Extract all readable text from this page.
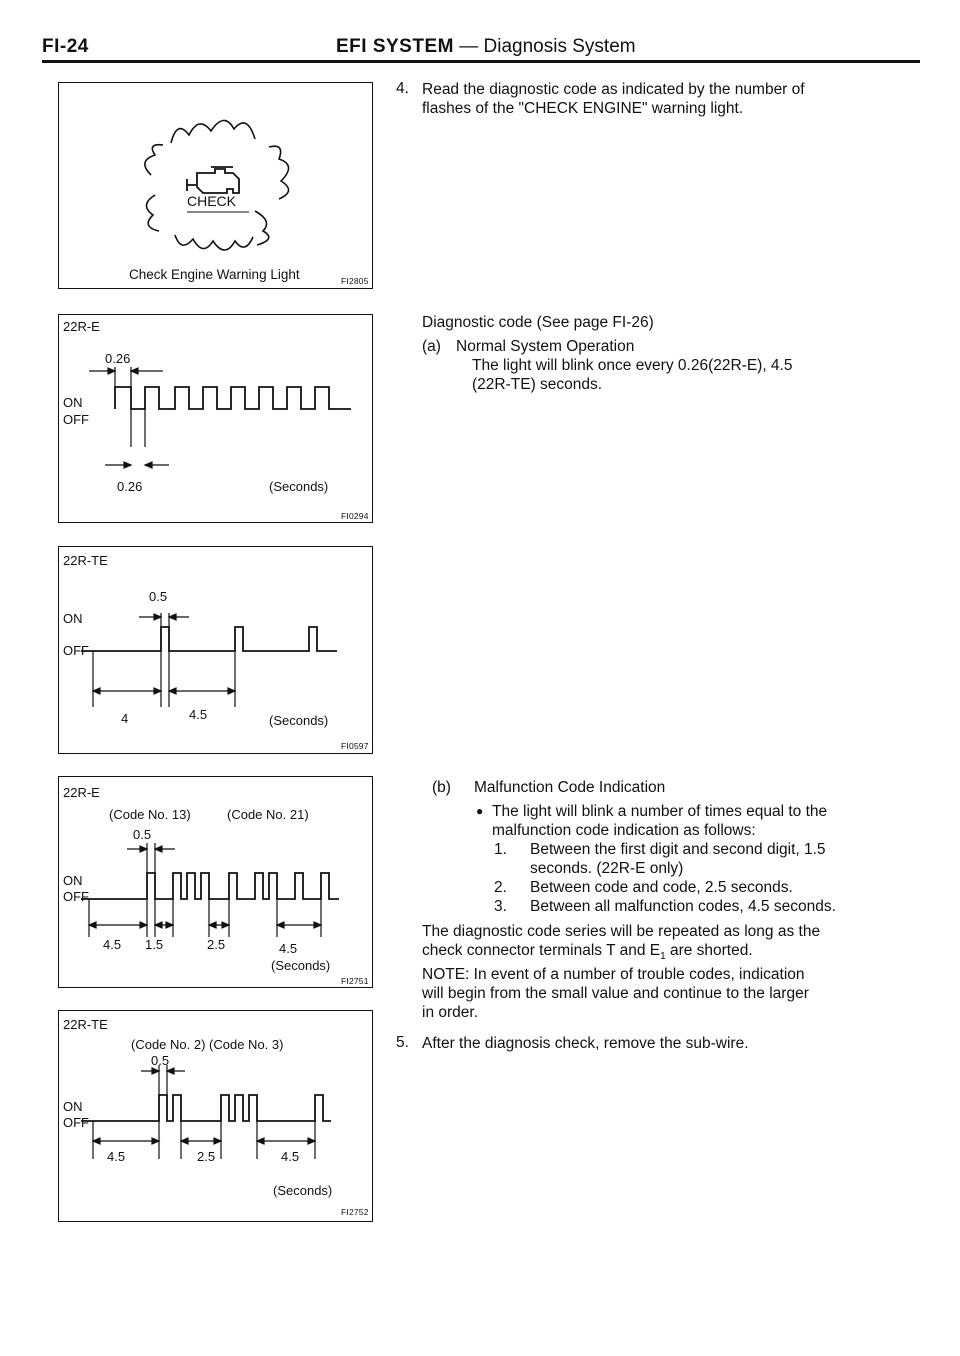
FI-24	EFI SYSTEM — Diagnosis System
CHECK
Check Engine Warning Light	FI2805
22R-E
0.26
ON
OFF
0.26	(Seconds)
FI0294
22R-TE
0.5
ON
OFF
4	4.5	(Seconds)
FI0597
22R-E
(Code No. 13)	(Code No. 21)
0.5
ON
OFF
4.5 1.5	2.5	4.5
(Seconds)
FI2751
22R-TE
(Code No. 2) (Code No. 3)
0.5
ON
OFF
4.5	2.5	4.5
(Seconds)
FI2752
4. Read the diagnostic code as indicated by the number of
flashes of the "CHECK ENGINE" warning light.
Diagnostic code (See page FI-26)
(a) Normal System Operation
The light will blink once every 0.26(22R-E), 4.5
(22R-TE) seconds.
(b) Malfunction Code Indication
● The light will blink a number of times equal to the
malfunction code indication as follows:
1. Between the first digit and second digit, 1.5
seconds. (22R-E only)
2. Between code and code, 2.5 seconds.
3. Between all malfunction codes, 4.5 seconds.
The diagnostic code series will be repeated as long as the
check connector terminals T and $E_1$ are shorted.
NOTE: In event of a number of trouble codes, indication
will begin from the small value and continue to the larger
in order.
5. After the diagnosis check, remove the sub-wire.
